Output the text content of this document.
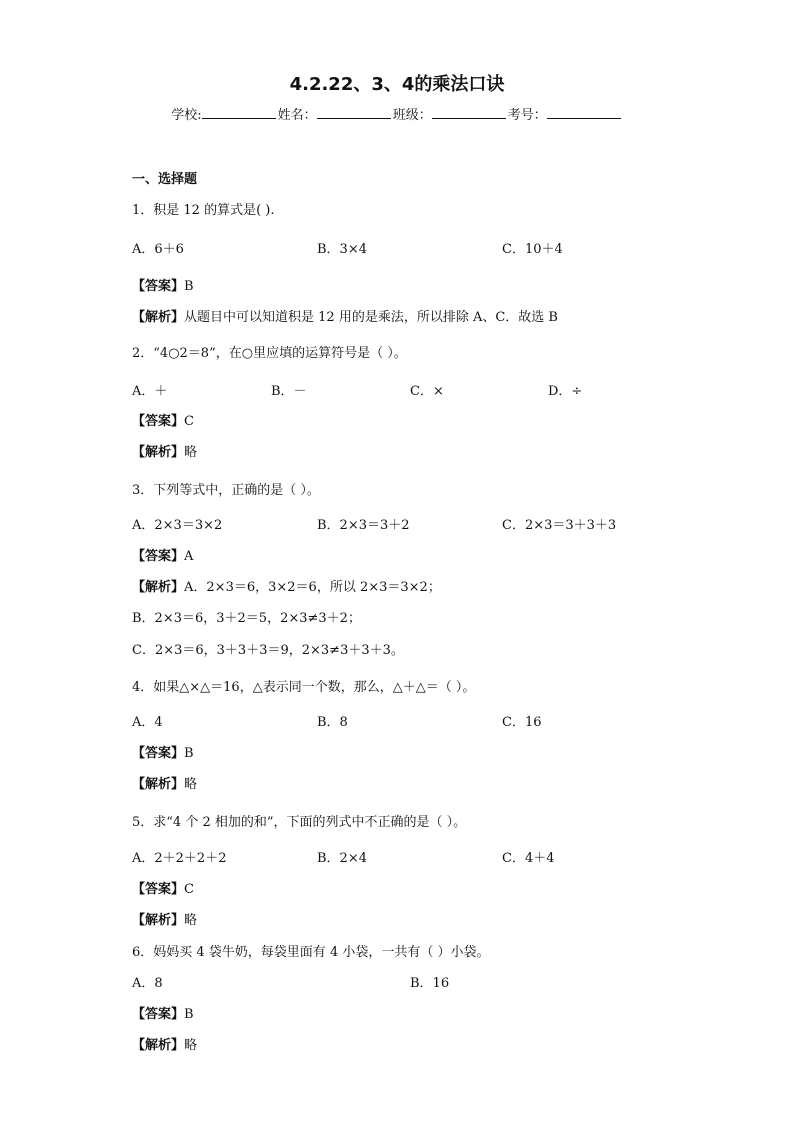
4.2.22、3、4的乘法口诀
学校:	姓名：	班级：	考号：
一、选择题
1．积是 12 的算式是( ).
A．6＋6	B．3×4	C．10＋4
【答案】B
【解析】从题目中可以知道积是 12 用的是乘法，所以排除 A、C．故选 B
2．“4○2＝8”，在○里应填的运算符号是（ ）。
A．＋	B．－	C．×	D．÷
【答案】C
【解析】略
3．下列等式中，正确的是（ ）。
A．2×3＝3×2	B．2×3＝3＋2	C．2×3＝3＋3＋3
【答案】A
【解析】A．2×3＝6，3×2＝6，所以 2×3＝3×2；
B．2×3＝6，3＋2＝5，2×3≠3＋2；
C．2×3＝6，3＋3＋3＝9，2×3≠3＋3＋3。
4．如果△×△＝16，△表示同一个数，那么，△＋△＝（ ）。
A．4	B．8	C．16
【答案】B
【解析】略
5．求“4 个 2 相加的和”，下面的列式中不正确的是（ ）。
A．2＋2＋2＋2	B．2×4	C．4＋4
【答案】C
【解析】略
6．妈妈买 4 袋牛奶，每袋里面有 4 小袋，一共有（ ）小袋。
A．8	B．16
【答案】B
【解析】略
